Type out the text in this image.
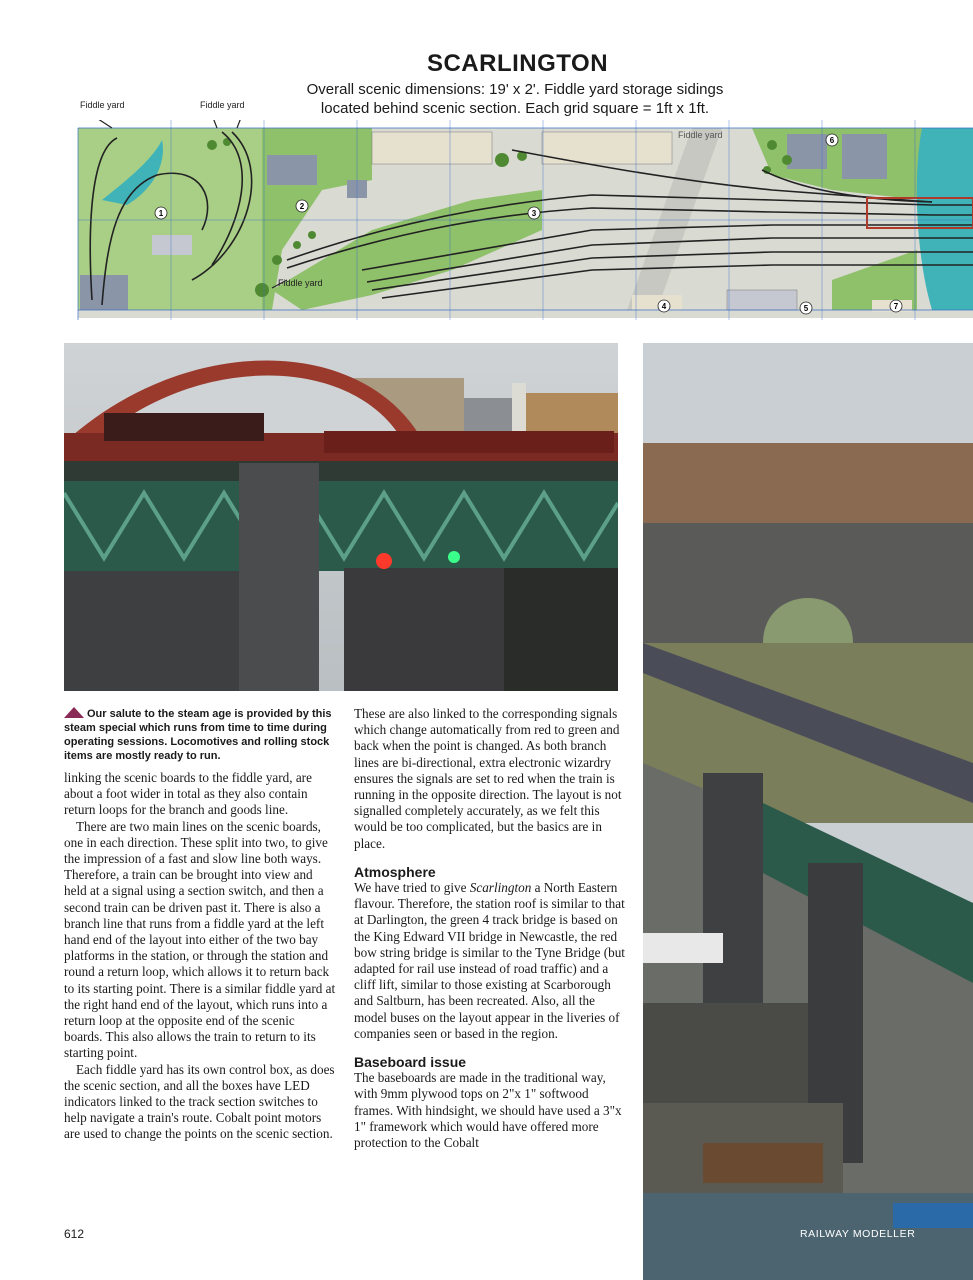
SCARLINGTON
Overall scenic dimensions: 19' x 2'. Fiddle yard storage sidings
located behind scenic section. Each grid square = 1ft x 1ft.
Fiddle yard	Fiddle yard
Fiddle yard
Fiddle yard
1
2
3
4	5
6
7
Our salute to the steam age is provided by this steam special which runs from time to time during operating sessions. Locomotives and rolling stock items are mostly ready to run.

linking the scenic boards to the fiddle yard, are about a foot wider in total as they also contain return loops for the branch and goods line.

There are two main lines on the scenic boards, one in each direction. These split into two, to give the impression of a fast and slow line both ways. Therefore, a train can be brought into view and held at a signal using a section switch, and then a second train can be driven past it. There is also a branch line that runs from a fiddle yard at the left hand end of the layout into either of the two bay platforms in the station, or through the station and round a return loop, which allows it to return back to its starting point. There is a similar fiddle yard at the right hand end of the layout, which runs into a return loop at the opposite end of the scenic boards. This also allows the train to return to its starting point.

Each fiddle yard has its own control box, as does the scenic section, and all the boxes have LED indicators linked to the track section switches to help navigate a train's route. Cobalt point motors are used to change the points on the scenic section.

These are also linked to the corresponding signals which change automatically from red to green and back when the point is changed. As both branch lines are bi-directional, extra electronic wizardry ensures the signals are set to red when the train is running in the opposite direction. The layout is not signalled completely accurately, as we felt this would be too complicated, but the basics are in place.

Atmosphere

We have tried to give Scarlington a North Eastern flavour. Therefore, the station roof is similar to that at Darlington, the green 4 track bridge is based on the King Edward VII bridge in Newcastle, the red bow string bridge is similar to the Tyne Bridge (but adapted for rail use instead of road traffic) and a cliff lift, similar to those existing at Scarborough and Saltburn, has been recreated. Also, all the model buses on the layout appear in the liveries of companies seen or based in the region.

Baseboard issue

The baseboards are made in the traditional way, with 9mm plywood tops on 2"x 1" softwood frames. With hindsight, we should have used a 3"x 1" framework which would have offered more protection to the Cobalt

612	RAILWAY MODELLER
